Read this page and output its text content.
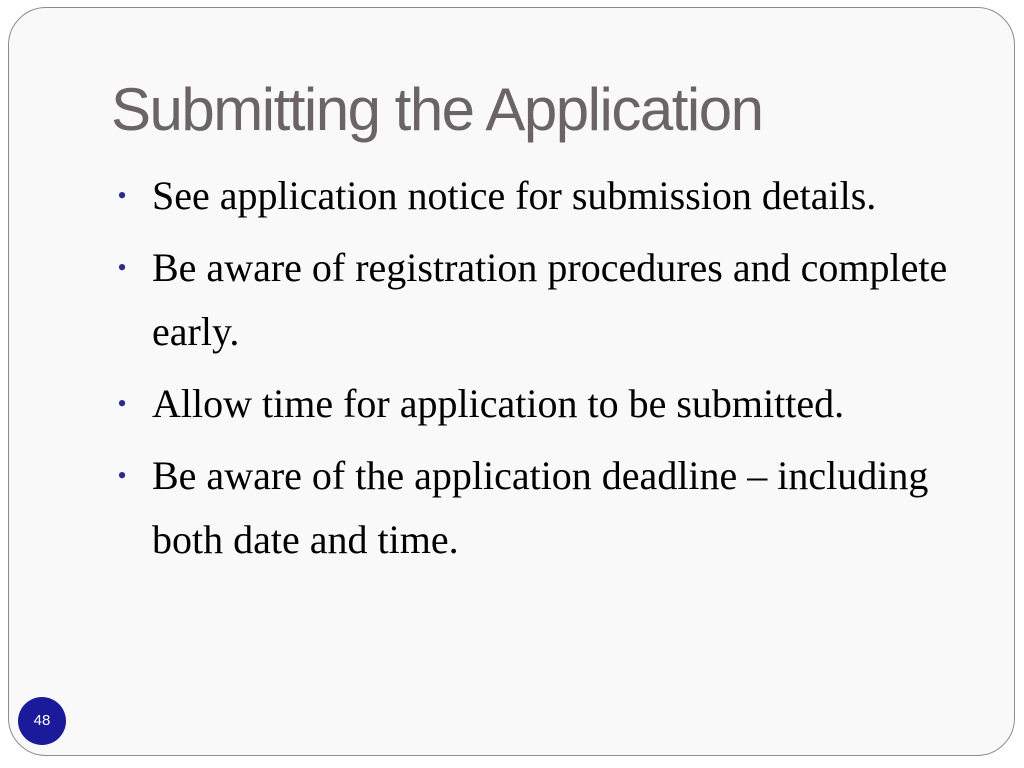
Submitting the Application
• See application notice for submission details.
• Be aware of registration procedures and complete early.
• Allow time for application to be submitted.
• Be aware of the application deadline – including both date and time.
48
